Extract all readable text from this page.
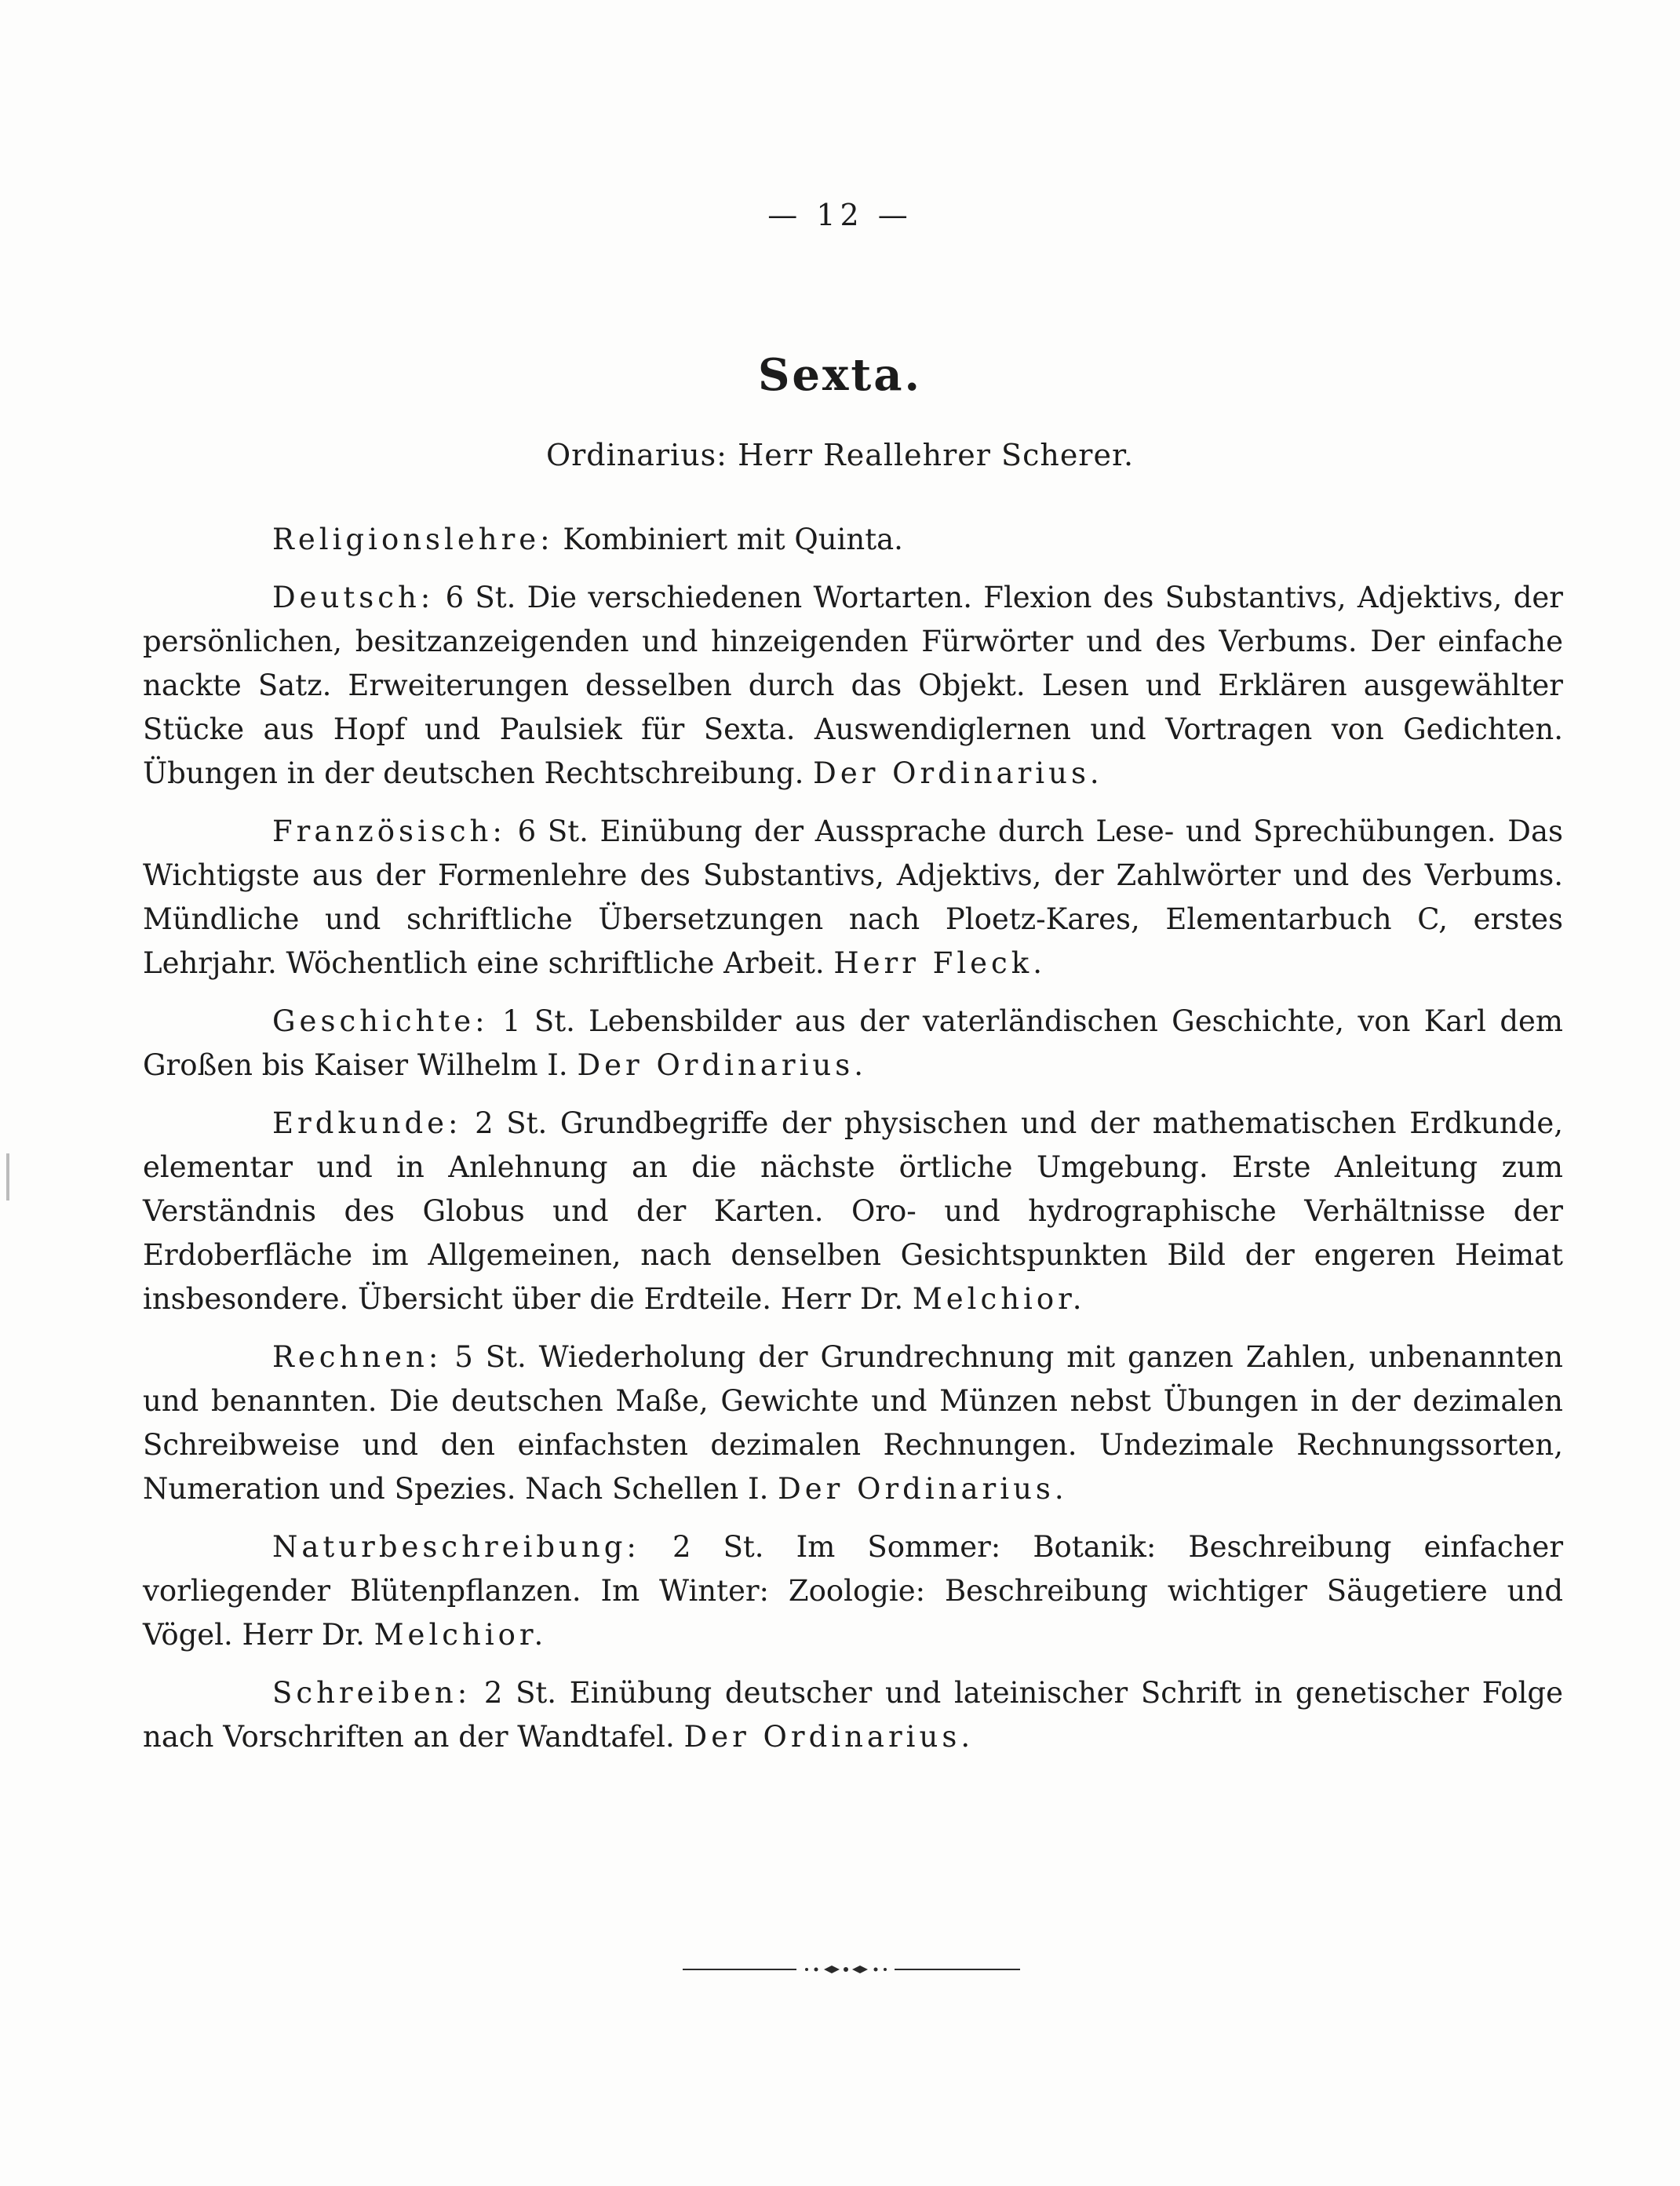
— 12 —
Sexta.
Ordinarius: Herr Reallehrer Scherer.

Religionslehre: Kombiniert mit Quinta.

Deutsch: 6 St. Die verschiedenen Wortarten. Flexion des Substantivs, Adjektivs, der persönlichen, besitzanzeigenden und hinzeigenden Fürwörter und des Verbums. Der einfache nackte Satz. Erweiterungen desselben durch das Objekt. Lesen und Erklären ausgewählter Stücke aus Hopf und Paulsiek für Sexta. Auswendiglernen und Vortragen von Gedichten. Übungen in der deutschen Rechtschreibung. Der Ordinarius.

Französisch: 6 St. Einübung der Aussprache durch Lese- und Sprechübungen. Das Wichtigste aus der Formenlehre des Substantivs, Adjektivs, der Zahlwörter und des Verbums. Mündliche und schriftliche Übersetzungen nach Ploetz-Kares, Elementarbuch C, erstes Lehrjahr. Wöchentlich eine schriftliche Arbeit. Herr Fleck.

Geschichte: 1 St. Lebensbilder aus der vaterländischen Geschichte, von Karl dem Großen bis Kaiser Wilhelm I. Der Ordinarius.

Erdkunde: 2 St. Grundbegriffe der physischen und der mathematischen Erdkunde, elementar und in Anlehnung an die nächste örtliche Umgebung. Erste Anleitung zum Verständnis des Globus und der Karten. Oro- und hydrographische Verhältnisse der Erdoberfläche im Allgemeinen, nach denselben Gesichtspunkten Bild der engeren Heimat insbesondere. Übersicht über die Erdteile. Herr Dr. Melchior.

Rechnen: 5 St. Wiederholung der Grundrechnung mit ganzen Zahlen, unbenannten und benannten. Die deutschen Maße, Gewichte und Münzen nebst Übungen in der dezimalen Schreibweise und den einfachsten dezimalen Rechnungen. Undezimale Rechnungssorten, Numeration und Spezies. Nach Schellen I. Der Ordinarius.

Naturbeschreibung: 2 St. Im Sommer: Botanik: Beschreibung einfacher vorliegender Blütenpflanzen. Im Winter: Zoologie: Beschreibung wichtiger Säugetiere und Vögel. Herr Dr. Melchior.

Schreiben: 2 St. Einübung deutscher und lateinischer Schrift in genetischer Folge nach Vorschriften an der Wandtafel. Der Ordinarius.
